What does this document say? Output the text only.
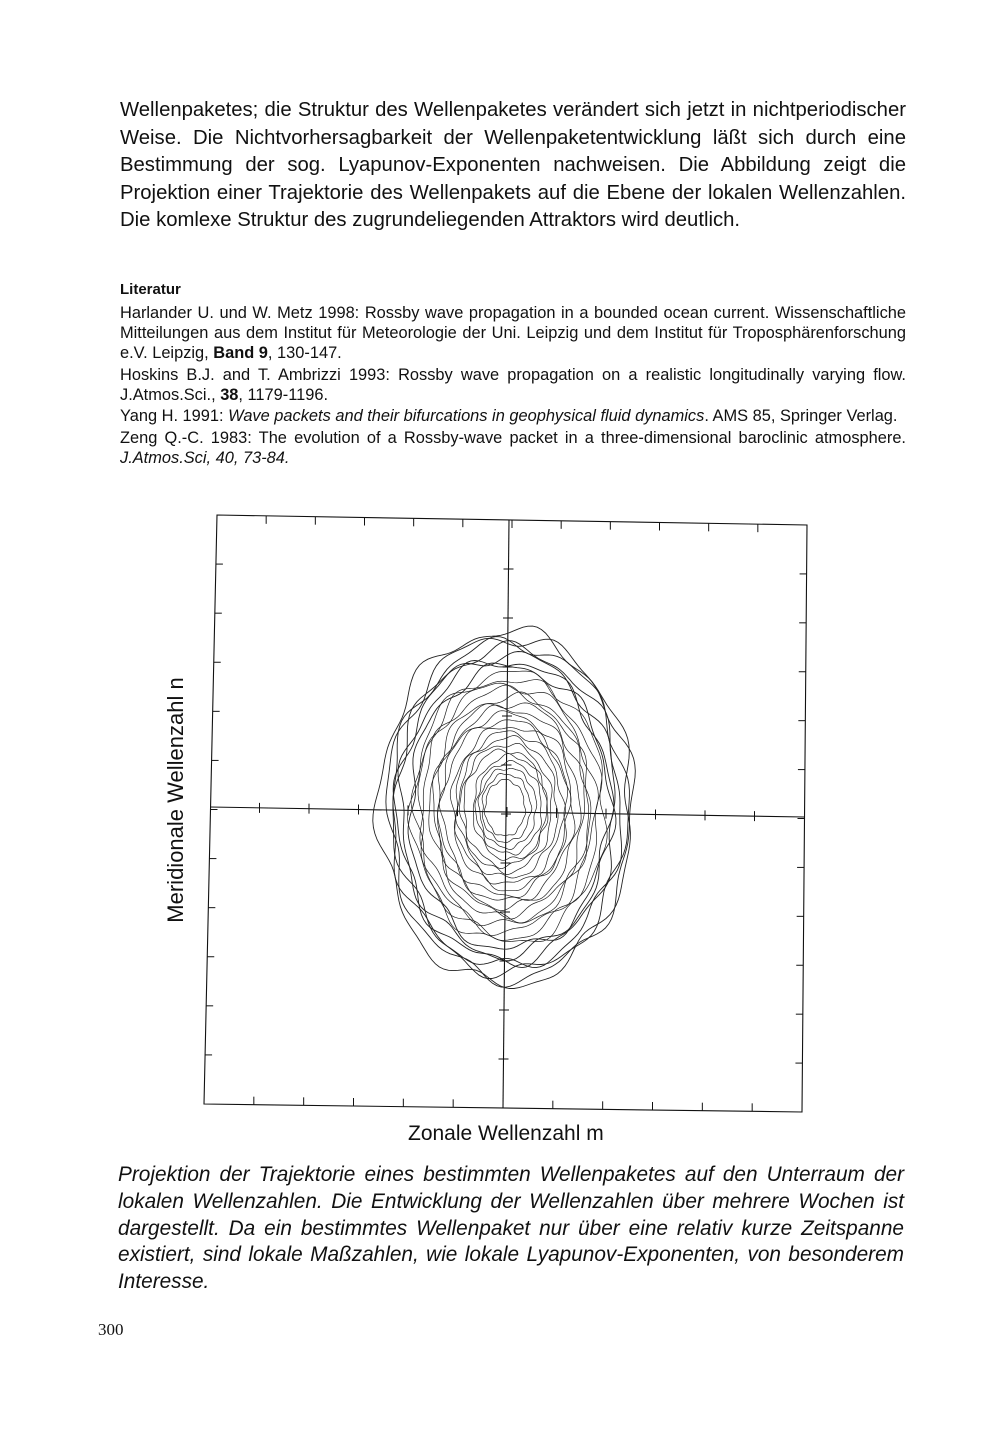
Wellenpaketes; die Struktur des Wellenpaketes verändert sich jetzt in nichtperiodischer Weise. Die Nichtvorhersagbarkeit der Wellenpaketentwicklung läßt sich durch eine Bestimmung der sog. Lyapunov-Exponenten nachweisen. Die Abbildung zeigt die Projektion einer Trajektorie des Wellenpakets auf die Ebene der lokalen Wellenzahlen. Die komlexe Struktur des zugrundeliegenden Attraktors wird deutlich.

Literatur

Harlander U. und W. Metz 1998: Rossby wave propagation in a bounded ocean current. Wissenschaftliche Mitteilungen aus dem Institut für Meteorologie der Uni. Leipzig und dem Institut für Troposphärenforschung e.V. Leipzig, Band 9, 130-147.
Hoskins B.J. and T. Ambrizzi 1993: Rossby wave propagation on a realistic longitudinally varying flow. J.Atmos.Sci., 38, 1179-1196.
Yang H. 1991: Wave packets and their bifurcations in geophysical fluid dynamics. AMS 85, Springer Verlag.
Zeng Q.-C. 1983: The evolution of a Rossby-wave packet in a three-dimensional baroclinic atmosphere. J.Atmos.Sci, 40, 73-84.
Meridionale Wellenzahl n
Zonale Wellenzahl m

Projektion der Trajektorie eines bestimmten Wellenpaketes auf den Unterraum der lokalen Wellenzahlen. Die Entwicklung der Wellenzahlen über mehrere Wochen ist dargestellt. Da ein bestimmtes Wellenpaket nur über eine relativ kurze Zeitspanne existiert, sind lokale Maßzahlen, wie lokale Lyapunov-Exponenten, von besonderem Interesse.

300
